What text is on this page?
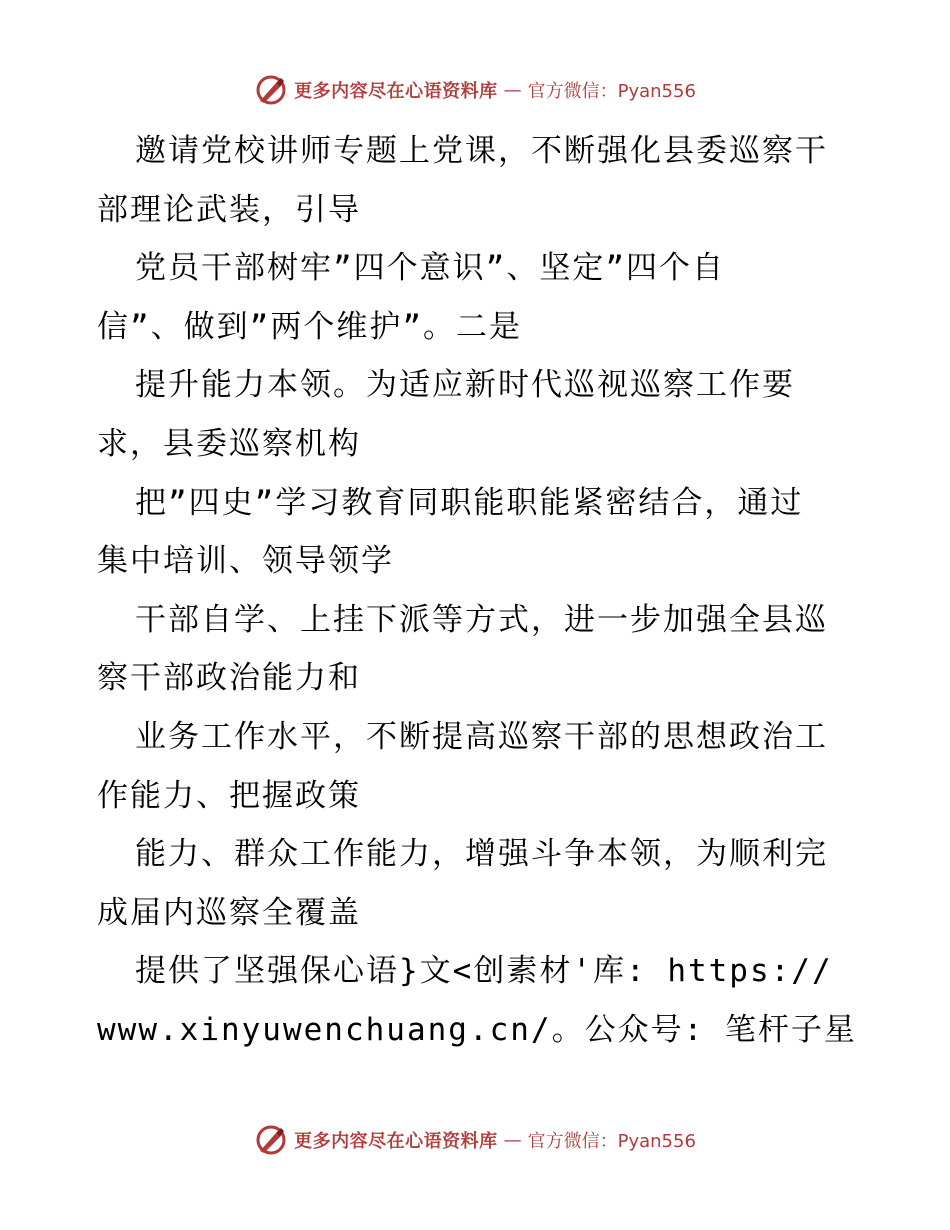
更多内容尽在心语资料库 — 官方微信：Pyan556
邀请党校讲师专题上党课，不断强化县委巡察干
部理论武装，引导
党员干部树牢”四个意识”、坚定”四个自
信”、做到”两个维护”。二是
提升能力本领。为适应新时代巡视巡察工作要
求，县委巡察机构
把”四史”学习教育同职能职能紧密结合，通过
集中培训、领导领学
干部自学、上挂下派等方式，进一步加强全县巡
察干部政治能力和
业务工作水平，不断提高巡察干部的思想政治工
作能力、把握政策
能力、群众工作能力，增强斗争本领，为顺利完
成届内巡察全覆盖
提供了坚强保心语}文<创素材'库: https://
www.xinyuwenchuang.cn/。公众号: 笔杆子星
更多内容尽在心语资料库 — 官方微信：Pyan556
